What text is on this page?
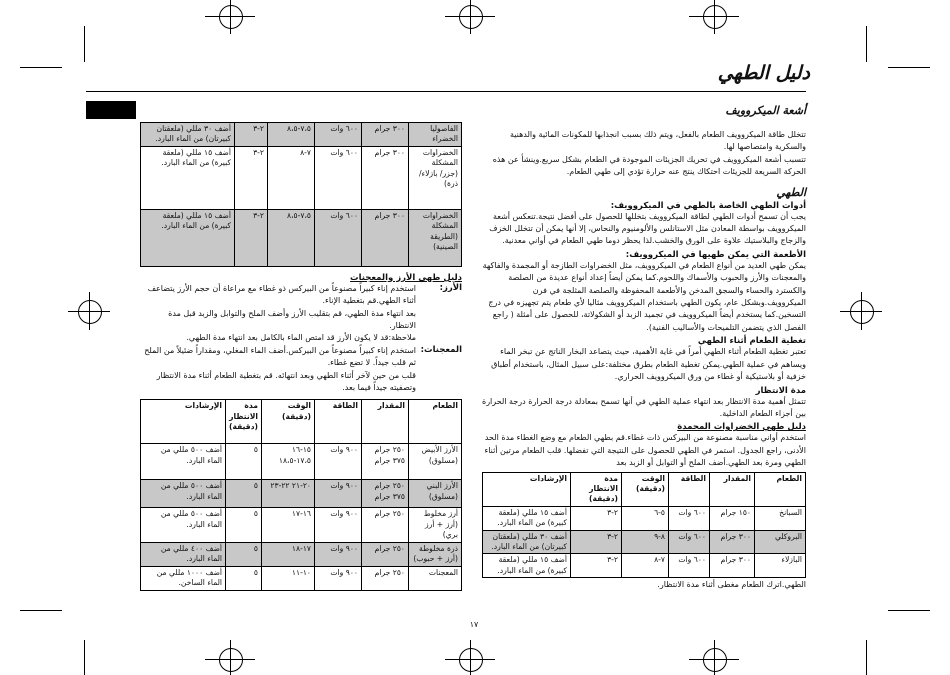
دليل الطهي
أشعة الميكروويف
تتخلل طاقة الميكروويف الطعام بالفعل، ويتم ذلك بسبب انجذابها للمكونات المائية والدهنية والسكرية وامتصاصها لها.
تتسبب أشعة الميكروويف في تحريك الجزيئات الموجودة في الطعام بشكل سريع.وينشأ عن هذه الحركة السريعة للجزيئات احتكاك ينتج عنه حرارة تؤدي إلى طهي الطعام.
الطهي
أدوات الطهي الخاصة بالطهي في الميكروويف:
يجب أن تسمح أدوات الطهي لطاقة الميكروويف بتخللها للحصول على أفضل نتيجة.تنعكس أشعة الميكروويف بواسطة المعادن مثل الاستانلس والألومنيوم والنحاس، إلا أنها يمكن أن تتخلل الخزف والزجاج والبلاستيك علاوة على الورق والخشب.لذا يحظر دوما طهي الطعام في أواني معدنية.
الأطعمة التي يمكن طهيها في الميكروويف:
يمكن طهي العديد من أنواع الطعام في الميكروويف، مثل الخضراوات الطازجة أو المجمدة والفاكهة والمعجنات والأرز والحبوب والأسماك واللحوم.كما يمكن أيضاً إعداد أنواع عديدة من الصلصة والكسترد والحساء والسجق المدخن والأطعمة المحفوظة والصلصة المثلجة في فرن الميكروويف.وبشكل عام، يكون الطهي باستخدام الميكروويف مثاليا لأي طعام يتم تجهيزه في درج التسخين.كما يستخدم أيضاً الميكروويف في تجميد الزبد أو الشكولاتة، للحصول على أمثلة ( راجع الفصل الذي يتضمن التلميحات والأساليب الفنية).
تغطية الطعام أثناء الطهي
تعتبر تغطية الطعام أثناء الطهي أمراً في غاية الأهمية، حيث يتصاعد البخار الناتج عن تبخر الماء ويساهم في عملية الطهي.يمكن تغطية الطعام بطرق مختلفة:على سبيل المثال، باستخدام أطباق خزفية أو بلاستيكية أو غطاء من ورق الميكروويف الحراري.
مدة الانتظار
تتمثل أهمية مدة الانتظار بعد انتهاء عملية الطهي في أنها تسمح بمعادلة درجة الحرارة درجة الحرارة بين أجزاء الطعام الداخلية.
دليل طهي الخضراوات المجمدة
استخدم أواني مناسبة مصنوعة من البيركس ذات غطاء.قم بطهي الطعام مع وضع الغطاء مدة الحد الأدنى، راجع الجدول. استمر في الطهي للحصول على النتيجة التي تفضلها. قلب الطعام مرتين أثناء الطهي ومرة بعد الطهي.أضف الملح أو التوابل أو الزبد بعد
الطعام	المقدار	الطاقة	الوقت (دقيقة)	مدة الانتظار (دقيقة)	الإرشادات
السبانخ	١٥٠ جرام	٦٠٠ وات	٥-٦	٢-٣	أضف ١٥ مللي (ملعقة كبيرة) من الماء البارد.
البروكلي	٣٠٠ جرام	٦٠٠ وات	٨-٩	٢-٣	أضف ٣٠ مللي (ملعقتان كبيرتان) من الماء البارد.
البازلاء	٣٠٠ جرام	٦٠٠ وات	٧-٨	٢-٣	أضف ١٥ مللي (ملعقة كبيرة) من الماء البارد.
الطهي.اترك الطعام مغطى أثناء مدة الانتظار.
الفاصوليا الخضراء	٣٠٠ جرام	٦٠٠ وات	٧،٥-٨،٥	٢-٣	أضف ٣٠ مللي (ملعقتان كبيرتان) من الماء البارد.
الخضراوات المشكلة (جزر/ بازلاء/ ذرة)	٣٠٠ جرام	٦٠٠ وات	٧-٨	٢-٣	أضف ١٥ مللي (ملعقة كبيرة) من الماء البارد.
الخضراوات المشكلة (الطريقة الصينية)	٣٠٠ جرام	٦٠٠ وات	٧،٥-٨،٥	٢-٣	أضف ١٥ مللي (ملعقة كبيرة) من الماء البارد.
دليل طهي الأرز والمعجنات
الأرز:
استخدم إناء كبيراً مصنوعاً من البيركس ذو غطاء مع مراعاة أن حجم الأرز يتضاعف أثناء الطهي.قم بتغطية الإناء.
بعد انتهاء مدة الطهي، قم بتقليب الأرز وأضف الملح والتوابل والزبد قبل مدة الانتظار.
ملاحظة:قد لا يكون الأرز قد امتص الماء بالكامل بعد انتهاء مدة الطهي.
المعجنات:
استخدم إناء كبيراً مصنوعاً من البيركس.أضف الماء المغلي، ومقداراً ضئيلاً من الملح ثم قلب جيداً. لا تضع غطاء.
قلب من حين لآخر أثناء الطهي وبعد انتهائه. قم بتغطية الطعام أثناء مدة الانتظار وتصفيته جيداً فيما بعد.
الطعام	المقدار	الطاقة	الوقت (دقيقة)	مدة الانتظار (دقيقة)	الإرشادات
الأرز الأبيض (مسلوق)	٢٥٠ جرام ٣٧٥ جرام	٩٠٠ وات	١٥-١٦ ١٧،٥-١٨،٥	٥	أضف ٥٠٠ مللي من الماء البارد.
الأرز البني (مسلوق)	٢٥٠ جرام ٣٧٥ جرام	٩٠٠ وات	٢٠-٢١ ٢٢-٢٣	٥	أضف ٥٠٠ مللي من الماء البارد.
أرز مخلوط (أرز + أرز بري)	٢٥٠ جرام	٩٠٠ وات	١٦-١٧	٥	أضف ٥٠٠ مللي من الماء البارد.
ذرة مخلوطة (أرز + حبوب)	٢٥٠ جرام	٩٠٠ وات	١٧-١٨	٥	أضف ٤٠٠ مللي من الماء البارد.
المعجنات	٢٥٠ جرام	٩٠٠ وات	١٠-١١	٥	أضف ١٠٠٠ مللي من الماء الساخن.
١٧
